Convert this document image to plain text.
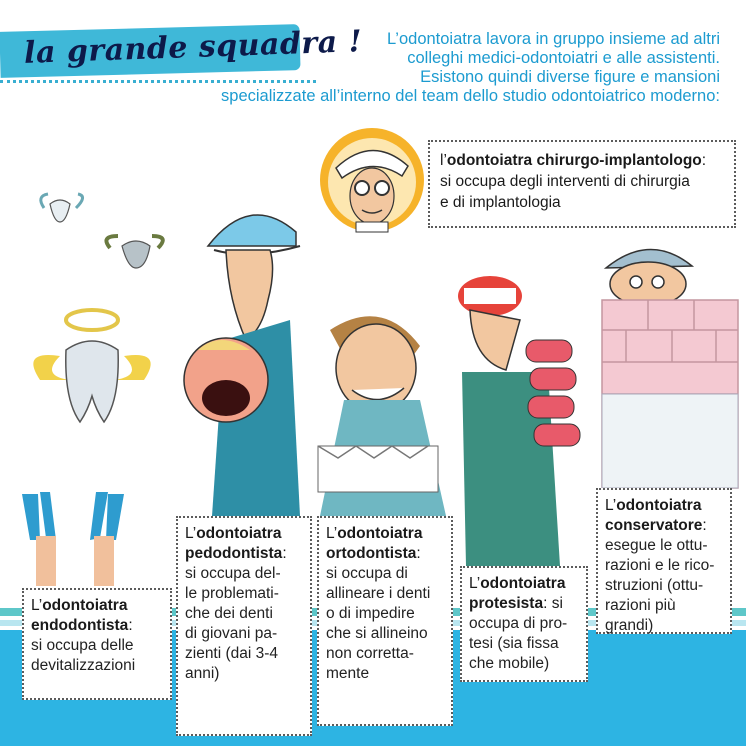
la grande squadra !	L’odontoiatra lavora in gruppo insieme ad altri
colleghi medici-odontoiatri e alle assistenti.
Esistono quindi diverse figure e mansioni
specializzate all’interno del team dello studio odontoiatrico moderno:
l’odontoiatra chirurgo-implantologo:
si occupa degli interventi di chirurgia
e di implantologia
L’odontoiatra
endodontista:
si occupa delle
devitalizzazioni
L’odontoiatra
pedodontista:
si occupa del-
le problemati-
che dei denti
di giovani pa-
zienti (dai 3-4
anni)
L’odontoiatra
ortodontista:
si occupa di
allineare i denti
o di impedire
che si allineino
non corretta-
mente
L’odontoiatra
protesista: si
occupa di pro-
tesi (sia fissa
che mobile)
L’odontoiatra
conservatore:
esegue le ottu-
razioni e le rico-
struzioni (ottu-
razioni più
grandi)
